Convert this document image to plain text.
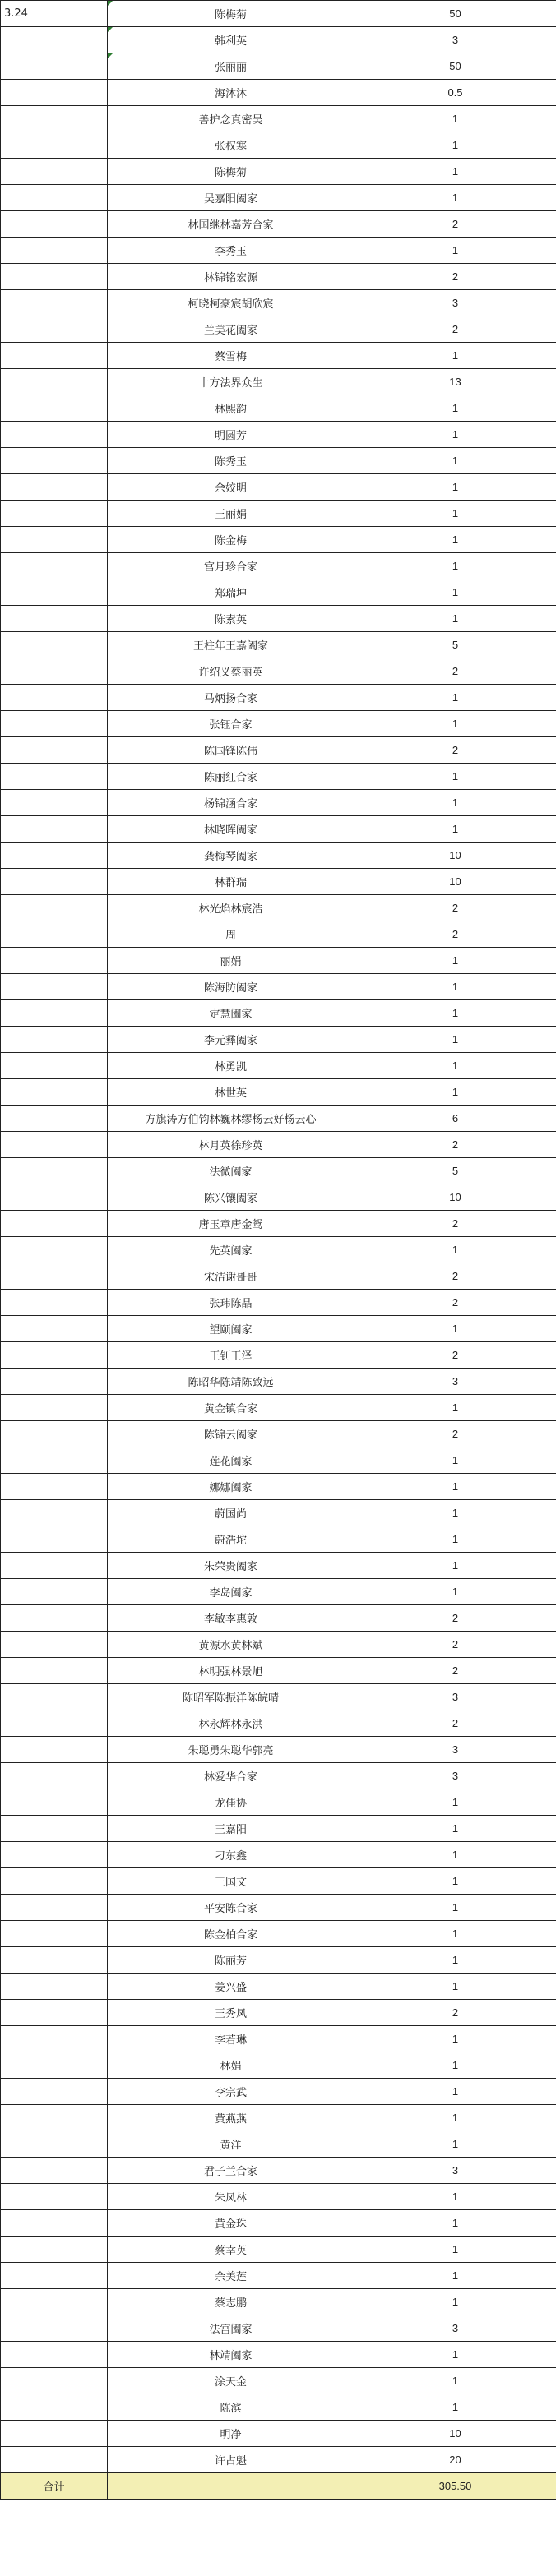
3.24	陈梅菊	50
	韩利英	3
	张丽丽	50
	海沐沐	0.5
	善护念真密吴	1
	张权寒	1
	陈梅菊	1
	吴嘉阳阖家	1
	林国继林嘉芳合家	2
	李秀玉	1
	林锦铭宏源	2
	柯晓柯豪宸胡欣宸	3
	兰美花阖家	2
	蔡雪梅	1
	十方法界众生	13
	林熙韵	1
	明圆芳	1
	陈秀玉	1
	余姣明	1
	王丽娟	1
	陈金梅	1
	宫月珍合家	1
	郑瑞坤	1
	陈素英	1
	王柱年王嘉阖家	5
	许绍义蔡丽英	2
	马炳扬合家	1
	张钰合家	1
	陈国锋陈伟	2
	陈丽红合家	1
	杨锦涵合家	1
	林晓晖阖家	1
	龚梅琴阖家	10
	林群瑞	10
	林光焰林宸浩	2
	周	2
	丽娟	1
	陈海防阖家	1
	定慧阖家	1
	李元彝阖家	1
	林勇凯	1
	林世英	1
	方旗涛方伯钧林巍林缪杨云好杨云心	6
	林月英徐珍英	2
	法微阖家	5
	陈兴镶阖家	10
	唐玉章唐金鸳	2
	先英阖家	1
	宋洁谢哥哥	2
	张玮陈晶	2
	望颐阖家	1
	王钊王泽	2
	陈昭华陈靖陈致远	3
	黄金镇合家	1
	陈锦云阖家	2
	莲花阖家	1
	娜娜阖家	1
	蔚国尚	1
	蔚浩坨	1
	朱荣贵阖家	1
	李岛阖家	1
	李敏李惠敦	2
	黄源水黄林斌	2
	林明强林景旭	2
	陈昭军陈振洋陈皖晴	3
	林永辉林永洪	2
	朱聪勇朱聪华郭亮	3
	林爱华合家	3
	龙佳协	1
	王嘉阳	1
	刁东鑫	1
	王国文	1
	平安陈合家	1
	陈金柏合家	1
	陈丽芳	1
	姜兴盛	1
	王秀凤	2
	李若琳	1
	林娟	1
	李宗武	1
	黄燕燕	1
	黄洋	1
	君子兰合家	3
	朱凤林	1
	黄金珠	1
	蔡幸英	1
	余美莲	1
	蔡志鹏	1
	法宫阖家	3
	林靖阖家	1
	涂天金	1
	陈滨	1
	明净	10
	许占魁	20
合计		305.50
